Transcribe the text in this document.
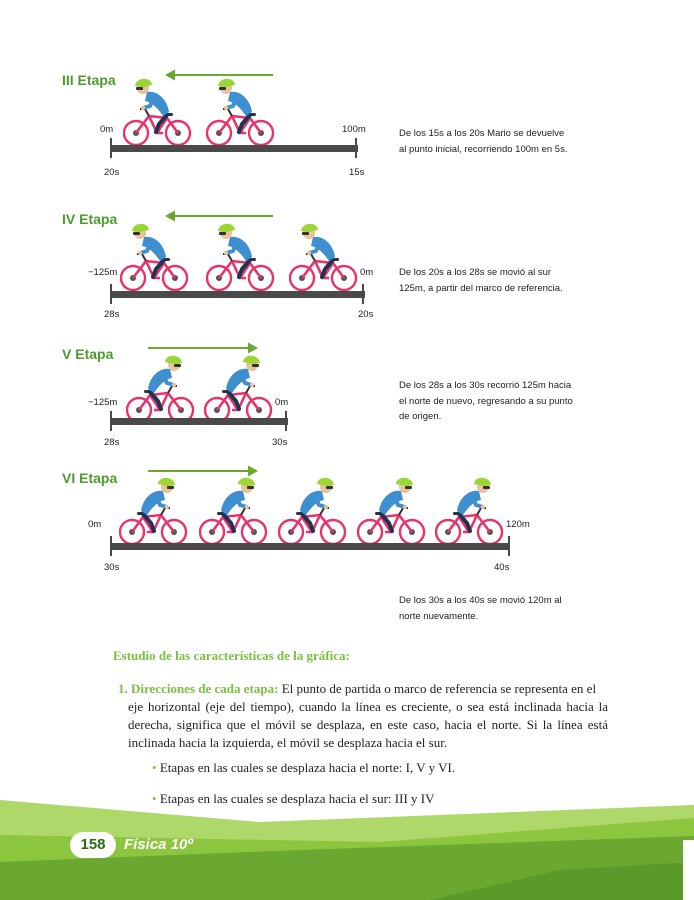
III Etapa
0m	100m
20s	15s
De los 15s a los 20s Mario se devuelve
al punto inicial, recorriendo 100m en 5s.
IV Etapa
−125m	0m
28s	20s
De los 20s a los 28s se movió al sur
125m, a partir del marco de referencia.
V Etapa
−125m	0m
28s	30s
De los 28s a los 30s recorrió 125m hacia
el norte de nuevo, regresando a su punto
de origen.
VI Etapa
0m	120m
30s	40s
De los 30s a los 40s se movió 120m al
norte nuevamente.
Estudio de las características de la gráfica:
1. Direcciones de cada etapa: El punto de partida o marco de referencia se representa en el
eje horizontal (eje del tiempo), cuando la línea es creciente, o sea está inclinada hacia la
derecha, significa que el móvil se desplaza, en este caso, hacia el norte. Si la línea está
inclinada hacia la izquierda, el móvil se desplaza hacia el sur.
• Etapas en las cuales se desplaza hacia el norte: I, V y VI.
• Etapas en las cuales se desplaza hacia el sur: III y IV
158	Física 10º
